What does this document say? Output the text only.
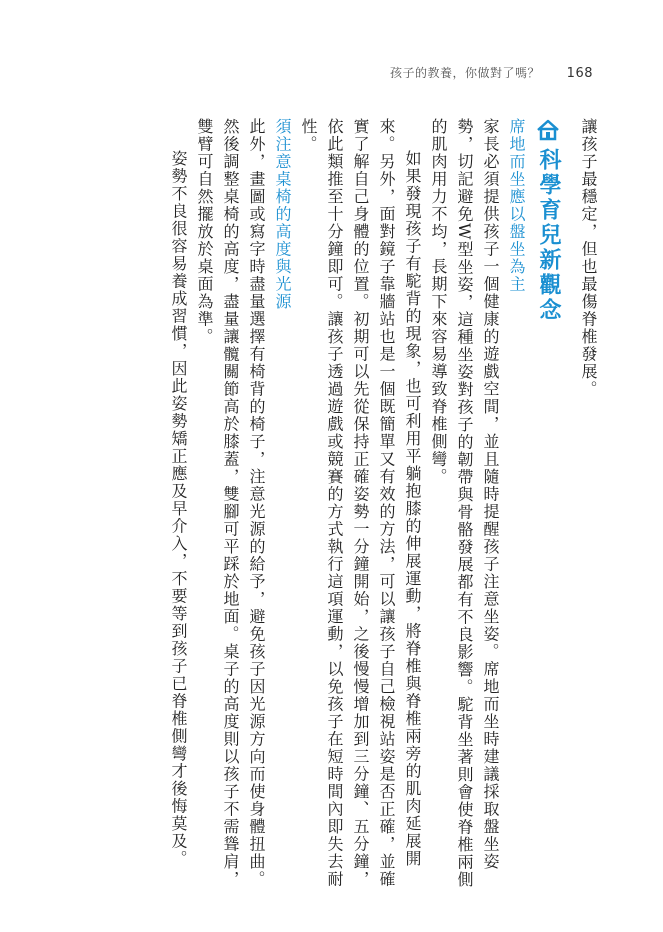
孩子的教養，你做對了嗎？ 168

讓孩子最穩定，但也最傷脊椎發展。

科學育兒新觀念

席地而坐應以盤坐為主

家長必須提供孩子一個健康的遊戲空間，並且隨時提醒孩子注意坐姿。席地而坐時建議採取盤坐姿勢，切記避免W型坐姿，這種坐姿對孩子的韌帶與骨骼發展都有不良影響。駝背坐著則會使脊椎兩側的肌肉用力不均，長期下來容易導致脊椎側彎。

如果發現孩子有駝背的現象，也可利用平躺抱膝的伸展運動，將脊椎與脊椎兩旁的肌肉延展開來。另外，面對鏡子靠牆站也是一個既簡單又有效的方法，可以讓孩子自己檢視站姿是否正確，並確實了解自己身體的位置。初期可以先從保持正確姿勢一分鐘開始，之後慢慢增加到三分鐘、五分鐘，依此類推至十分鐘即可。讓孩子透過遊戲或競賽的方式執行這項運動，以免孩子在短時間內即失去耐性。

須注意桌椅的高度與光源

此外，畫圖或寫字時盡量選擇有椅背的椅子，注意光源的給予，避免孩子因光源方向而使身體扭曲。然後調整桌椅的高度，盡量讓髖關節高於膝蓋，雙腳可平踩於地面。桌子的高度則以孩子不需聳肩，雙臂可自然擺放於桌面為準。

姿勢不良很容易養成習慣，因此姿勢矯正應及早介入，不要等到孩子已脊椎側彎才後悔莫及。
